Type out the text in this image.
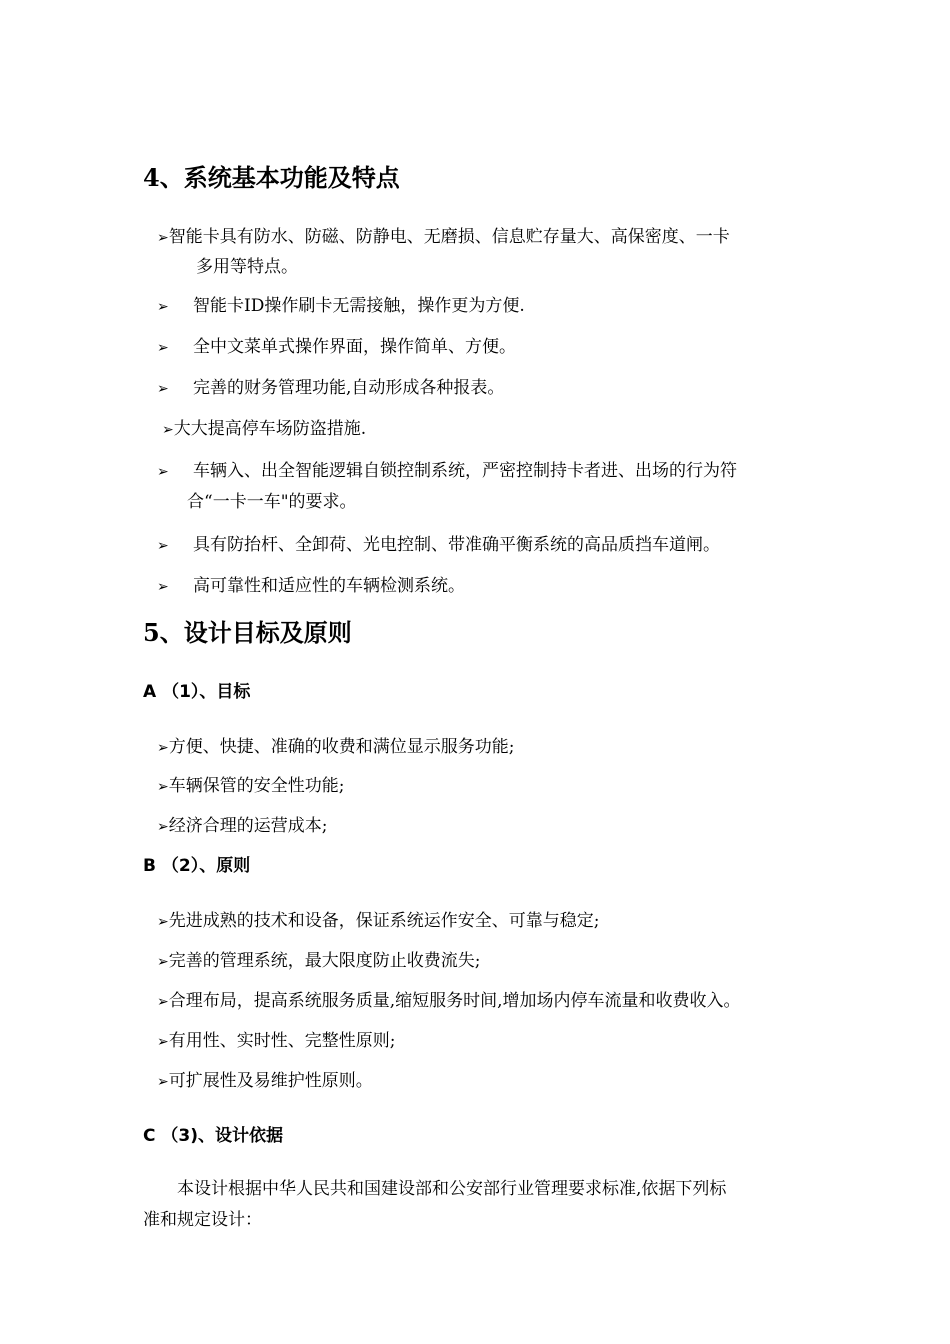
4、系统基本功能及特点
➢智能卡具有防水、防磁、防静电、无磨损、信息贮存量大、高保密度、一卡
多用等特点。
➢ 智能卡ID操作刷卡无需接触，操作更为方便.
➢ 全中文菜单式操作界面，操作简单、方便。
➢ 完善的财务管理功能,自动形成各种报表。
➢大大提高停车场防盗措施.
➢ 车辆入、出全智能逻辑自锁控制系统，严密控制持卡者进、出场的行为符
合“一卡一车"的要求。
➢ 具有防抬杆、全卸荷、光电控制、带准确平衡系统的高品质挡车道闸。
➢ 高可靠性和适应性的车辆检测系统。
5、设计目标及原则
A （1）、目标
➢方便、快捷、准确的收费和满位显示服务功能;
➢车辆保管的安全性功能;
➢经济合理的运营成本;
B （2）、原则
➢先进成熟的技术和设备，保证系统运作安全、可靠与稳定;
➢完善的管理系统，最大限度防止收费流失;
➢合理布局，提高系统服务质量,缩短服务时间,增加场内停车流量和收费收入。
➢有用性、实时性、完整性原则;
➢可扩展性及易维护性原则。
C （3)、设计依据
本设计根据中华人民共和国建设部和公安部行业管理要求标准,依据下列标
准和规定设计：
